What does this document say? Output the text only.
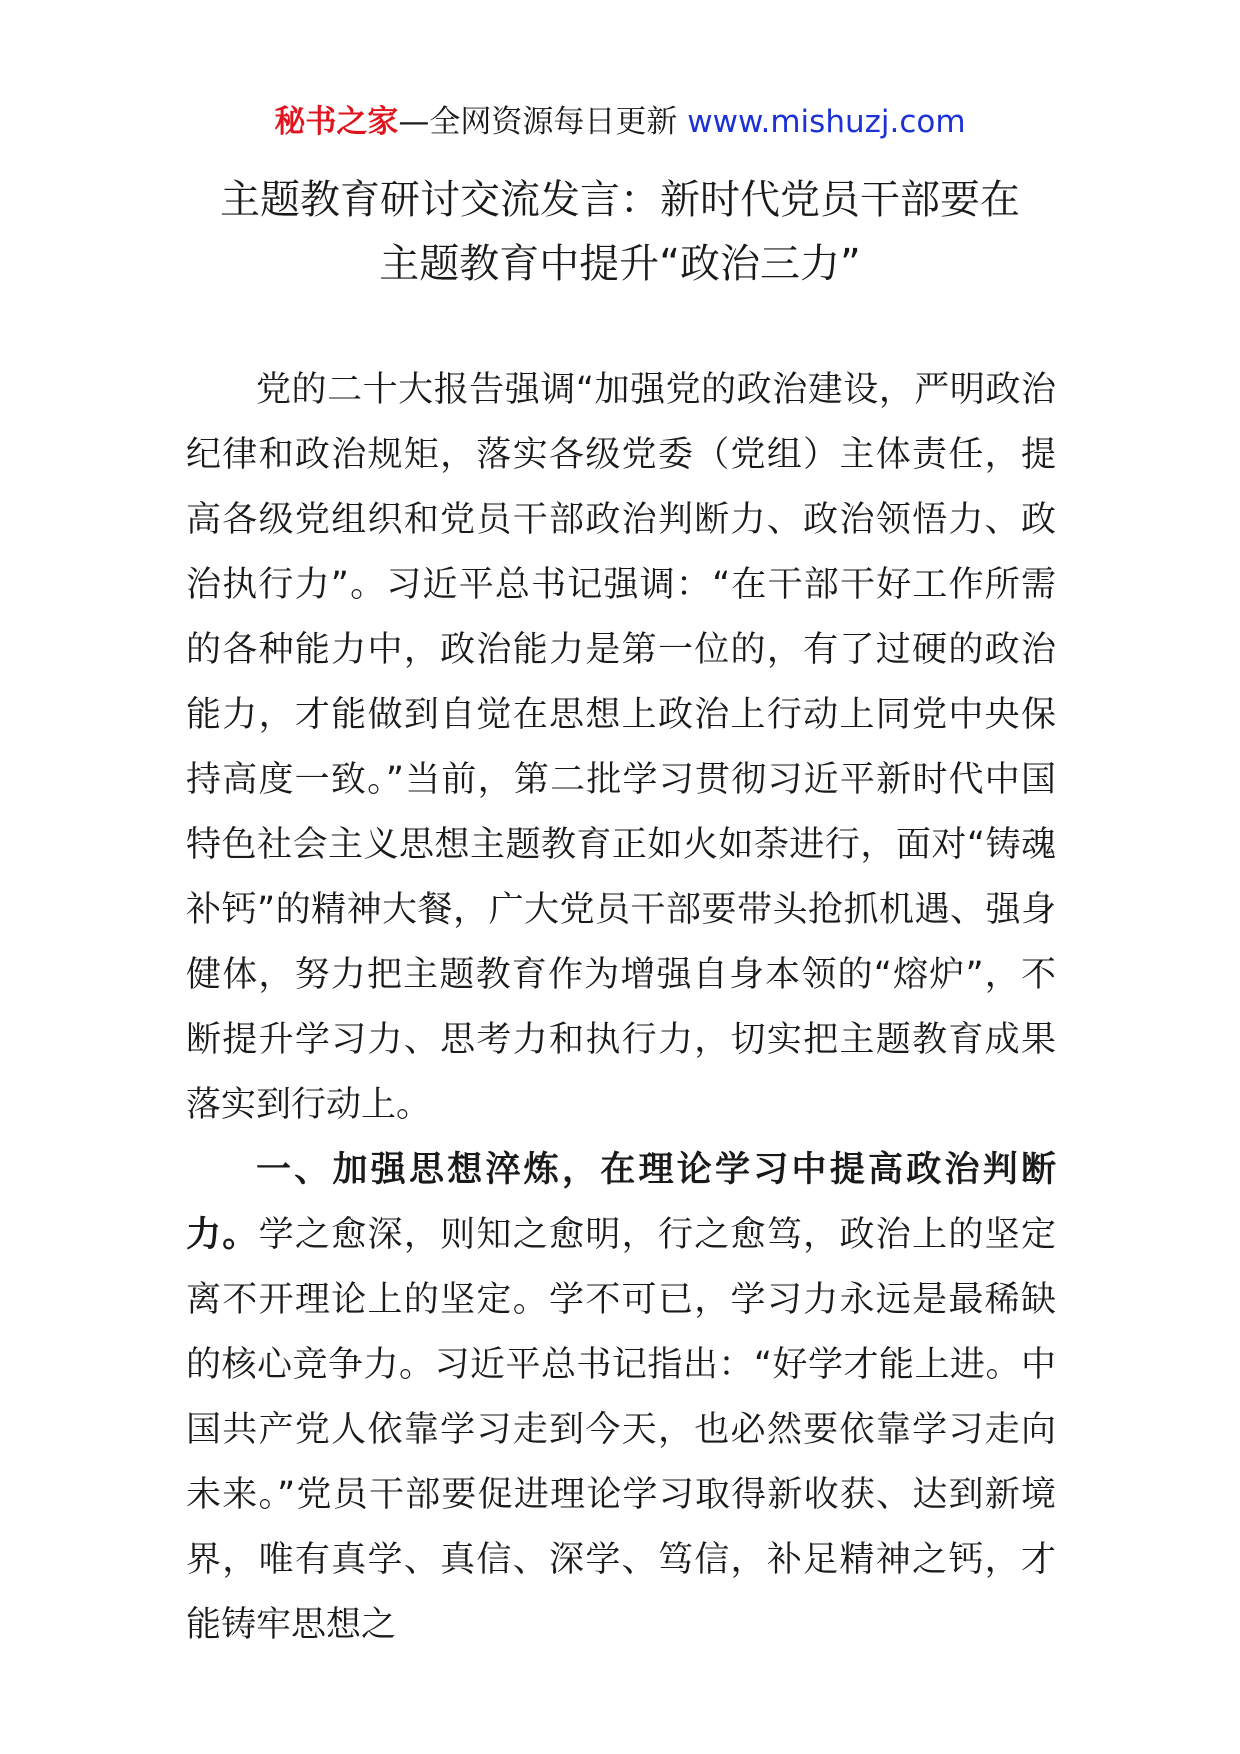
秘书之家—全网资源每日更新 www.mishuzj.com
主题教育研讨交流发言：新时代党员干部要在
主题教育中提升“政治三力”

党的二十大报告强调“加强党的政治建设，严明政治纪律和政治规矩，落实各级党委（党组）主体责任，提高各级党组织和党员干部政治判断力、政治领悟力、政治执行力”。习近平总书记强调：“在干部干好工作所需的各种能力中，政治能力是第一位的，有了过硬的政治能力，才能做到自觉在思想上政治上行动上同党中央保持高度一致。”当前，第二批学习贯彻习近平新时代中国特色社会主义思想主题教育正如火如荼进行，面对“铸魂补钙”的精神大餐，广大党员干部要带头抢抓机遇、强身健体，努力把主题教育作为增强自身本领的“熔炉”，不断提升学习力、思考力和执行力，切实把主题教育成果落实到行动上。

一、加强思想淬炼，在理论学习中提高政治判断力。学之愈深，则知之愈明，行之愈笃，政治上的坚定离不开理论上的坚定。学不可已，学习力永远是最稀缺的核心竞争力。习近平总书记指出：“好学才能上进。中国共产党人依靠学习走到今天，也必然要依靠学习走向未来。”党员干部要促进理论学习取得新收获、达到新境界，唯有真学、真信、深学、笃信，补足精神之钙，才能铸牢思想之
